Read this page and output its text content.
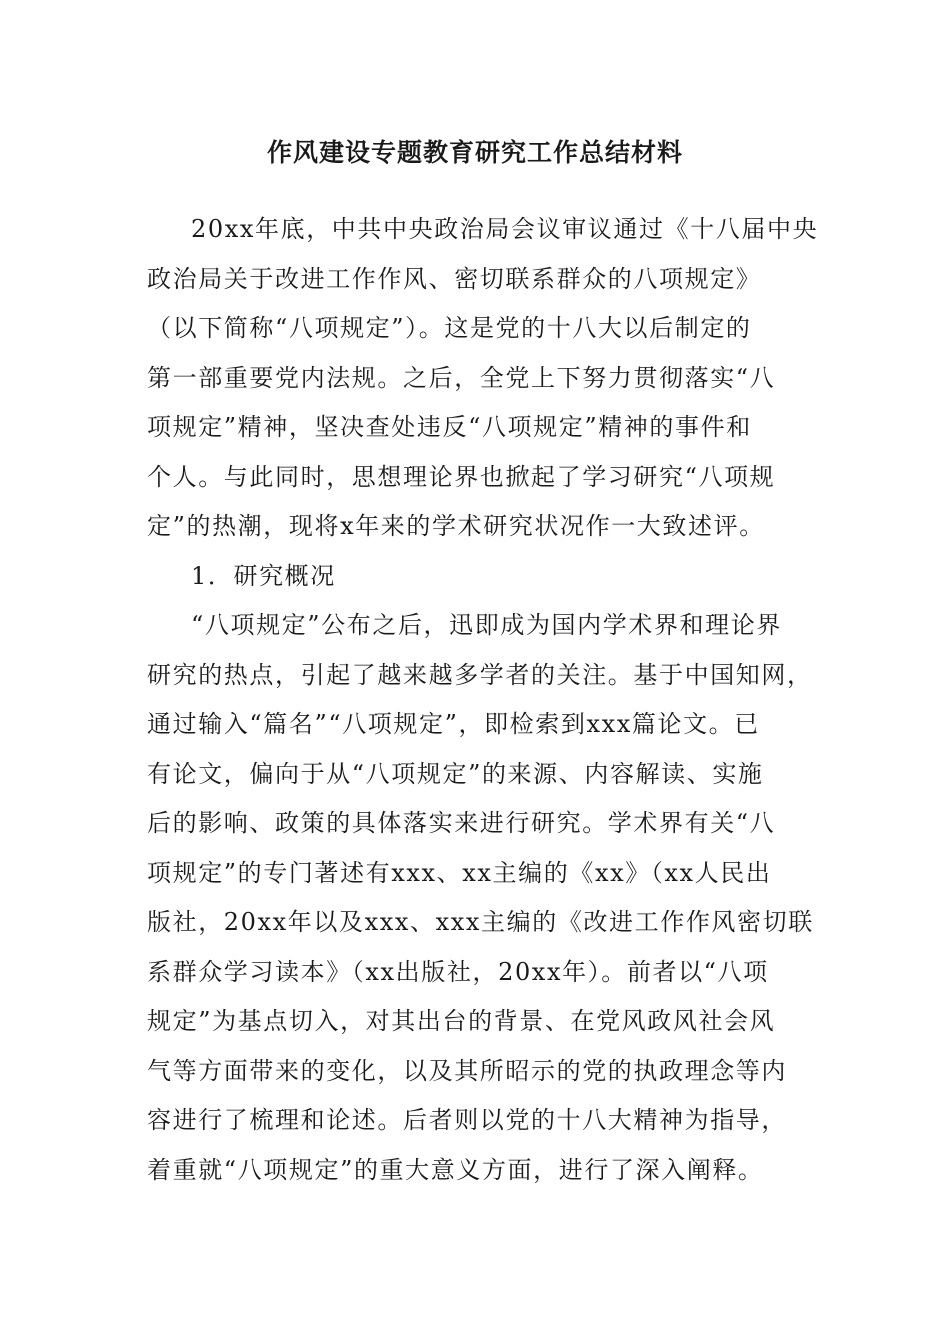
作风建设专题教育研究工作总结材料
20xx年底，中共中央政治局会议审议通过《十八届中央
政治局关于改进工作作风、密切联系群众的八项规定》
（以下简称“八项规定”）。这是党的十八大以后制定的
第一部重要党内法规。之后，全党上下努力贯彻落实“八
项规定”精神，坚决查处违反“八项规定”精神的事件和
个人。与此同时，思想理论界也掀起了学习研究“八项规
定”的热潮，现将x年来的学术研究状况作一大致述评。
1．研究概况
“八项规定”公布之后，迅即成为国内学术界和理论界
研究的热点，引起了越来越多学者的关注。基于中国知网，
通过输入“篇名”“八项规定”，即检索到xxx篇论文。已
有论文，偏向于从“八项规定”的来源、内容解读、实施
后的影响、政策的具体落实来进行研究。学术界有关“八
项规定”的专门著述有xxx、xx主编的《xx》（xx人民出
版社，20xx年以及xxx、xxx主编的《改进工作作风密切联
系群众学习读本》（xx出版社，20xx年）。前者以“八项
规定”为基点切入，对其出台的背景、在党风政风社会风
气等方面带来的变化，以及其所昭示的党的执政理念等内
容进行了梳理和论述。后者则以党的十八大精神为指导，
着重就“八项规定”的重大意义方面，进行了深入阐释。
